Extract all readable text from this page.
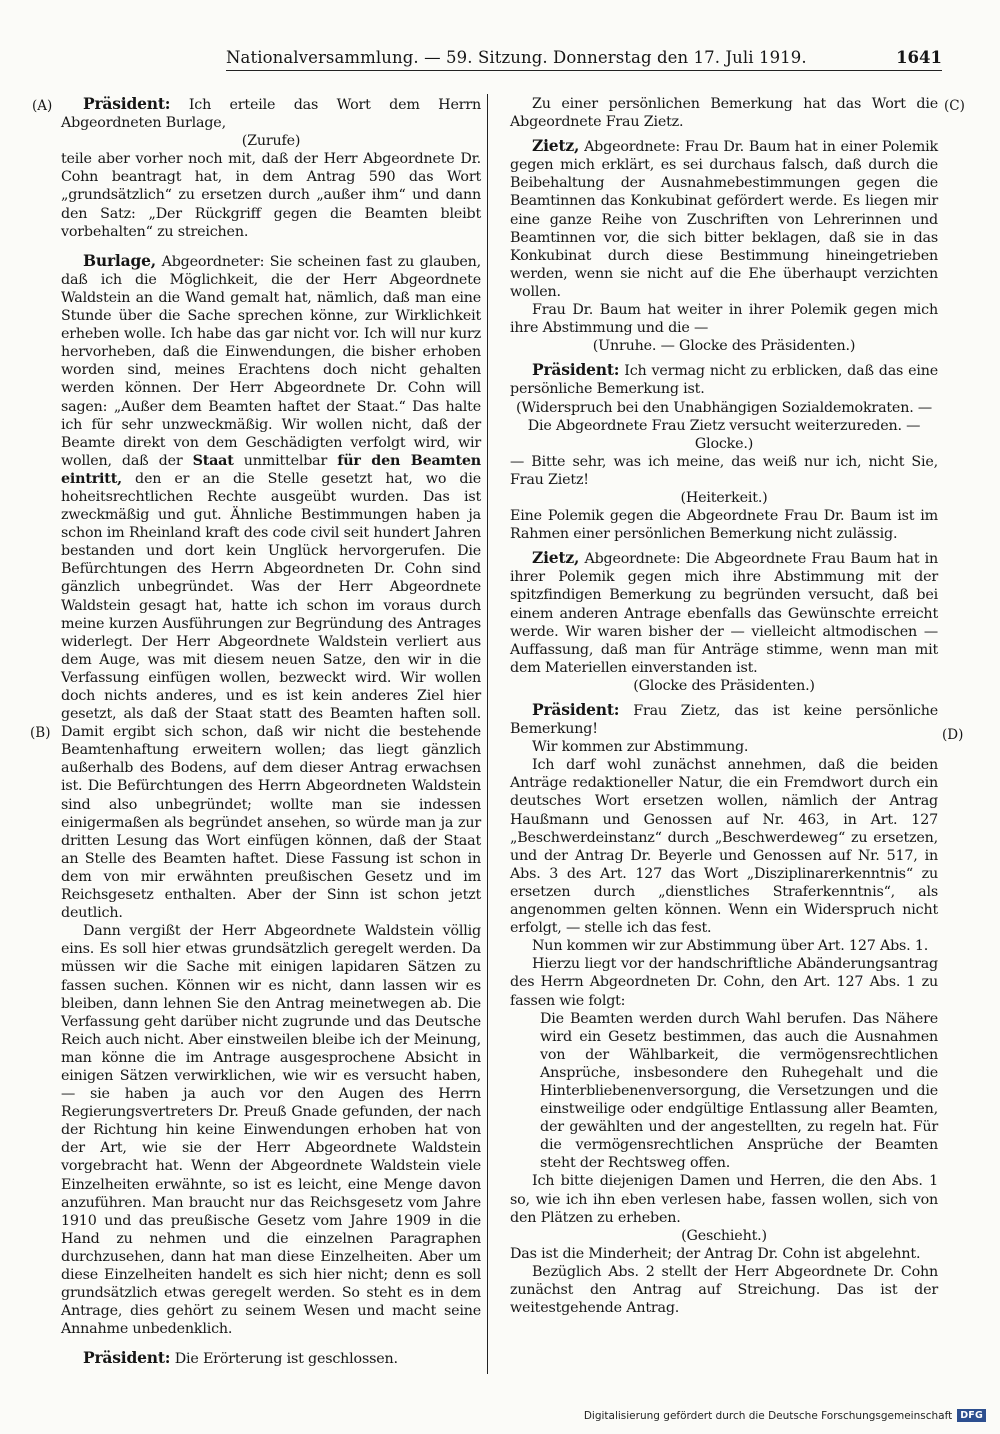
Nationalversammlung. — 59. Sitzung. Donnerstag den 17. Juli 1919.	1641
(A)
(B)
(C)
(D)

Präsident: Ich erteile das Wort dem Herrn Abgeordneten Burlage,

(Zurufe)

teile aber vorher noch mit, daß der Herr Abgeordnete Dr. Cohn beantragt hat, in dem Antrag 590 das Wort „grundsätzlich“ zu ersetzen durch „außer ihm“ und dann den Satz: „Der Rückgriff gegen die Beamten bleibt vorbehalten“ zu streichen.

Burlage, Abgeordneter: Sie scheinen fast zu glauben, daß ich die Möglichkeit, die der Herr Abgeordnete Waldstein an die Wand gemalt hat, nämlich, daß man eine Stunde über die Sache sprechen könne, zur Wirklichkeit erheben wolle. Ich habe das gar nicht vor. Ich will nur kurz hervorheben, daß die Einwendungen, die bisher erhoben worden sind, meines Erachtens doch nicht gehalten werden können. Der Herr Abgeordnete Dr. Cohn will sagen: „Außer dem Beamten haftet der Staat.“ Das halte ich für sehr unzweckmäßig. Wir wollen nicht, daß der Beamte direkt von dem Geschädigten verfolgt wird, wir wollen, daß der Staat unmittelbar für den Beamten eintritt, den er an die Stelle gesetzt hat, wo die hoheitsrechtlichen Rechte ausgeübt wurden. Das ist zweckmäßig und gut. Ähnliche Bestimmungen haben ja schon im Rheinland kraft des code civil seit hundert Jahren bestanden und dort kein Unglück hervorgerufen. Die Befürchtungen des Herrn Abgeordneten Dr. Cohn sind gänzlich unbegründet. Was der Herr Abgeordnete Waldstein gesagt hat, hatte ich schon im voraus durch meine kurzen Ausführungen zur Begründung des Antrages widerlegt. Der Herr Abgeordnete Waldstein verliert aus dem Auge, was mit diesem neuen Satze, den wir in die Verfassung einfügen wollen, bezweckt wird. Wir wollen doch nichts anderes, und es ist kein anderes Ziel hier gesetzt, als daß der Staat statt des Beamten haften soll. Damit ergibt sich schon, daß wir nicht die bestehende Beamtenhaftung erweitern wollen; das liegt gänzlich außerhalb des Bodens, auf dem dieser Antrag erwachsen ist. Die Befürchtungen des Herrn Abgeordneten Waldstein sind also unbegründet; wollte man sie indessen einigermaßen als begründet ansehen, so würde man ja zur dritten Lesung das Wort einfügen können, daß der Staat an Stelle des Beamten haftet. Diese Fassung ist schon in dem von mir erwähnten preußischen Gesetz und im Reichsgesetz enthalten. Aber der Sinn ist schon jetzt deutlich.

Dann vergißt der Herr Abgeordnete Waldstein völlig eins. Es soll hier etwas grundsätzlich geregelt werden. Da müssen wir die Sache mit einigen lapidaren Sätzen zu fassen suchen. Können wir es nicht, dann lassen wir es bleiben, dann lehnen Sie den Antrag meinetwegen ab. Die Verfassung geht darüber nicht zugrunde und das Deutsche Reich auch nicht. Aber einstweilen bleibe ich der Meinung, man könne die im Antrage ausgesprochene Absicht in einigen Sätzen verwirklichen, wie wir es versucht haben, — sie haben ja auch vor den Augen des Herrn Regierungsvertreters Dr. Preuß Gnade gefunden, der nach der Richtung hin keine Einwendungen erhoben hat von der Art, wie sie der Herr Abgeordnete Waldstein vorgebracht hat. Wenn der Abgeordnete Waldstein viele Einzelheiten erwähnte, so ist es leicht, eine Menge davon anzuführen. Man braucht nur das Reichsgesetz vom Jahre 1910 und das preußische Gesetz vom Jahre 1909 in die Hand zu nehmen und die einzelnen Paragraphen durchzusehen, dann hat man diese Einzelheiten. Aber um diese Einzelheiten handelt es sich hier nicht; denn es soll grundsätzlich etwas geregelt werden. So steht es in dem Antrage, dies gehört zu seinem Wesen und macht seine Annahme unbedenklich.

Präsident: Die Erörterung ist geschlossen.

Zu einer persönlichen Bemerkung hat das Wort die Abgeordnete Frau Zietz.

Zietz, Abgeordnete: Frau Dr. Baum hat in einer Polemik gegen mich erklärt, es sei durchaus falsch, daß durch die Beibehaltung der Ausnahmebestimmungen gegen die Beamtinnen das Konkubinat gefördert werde. Es liegen mir eine ganze Reihe von Zuschriften von Lehrerinnen und Beamtinnen vor, die sich bitter beklagen, daß sie in das Konkubinat durch diese Bestimmung hineingetrieben werden, wenn sie nicht auf die Ehe überhaupt verzichten wollen.

Frau Dr. Baum hat weiter in ihrer Polemik gegen mich ihre Abstimmung und die —

(Unruhe. — Glocke des Präsidenten.)

Präsident: Ich vermag nicht zu erblicken, daß das eine persönliche Bemerkung ist.

(Widerspruch bei den Unabhängigen Sozialdemokraten. — Die Abgeordnete Frau Zietz versucht weiterzureden. — Glocke.)

— Bitte sehr, was ich meine, das weiß nur ich, nicht Sie, Frau Zietz!

(Heiterkeit.)

Eine Polemik gegen die Abgeordnete Frau Dr. Baum ist im Rahmen einer persönlichen Bemerkung nicht zulässig.

Zietz, Abgeordnete: Die Abgeordnete Frau Baum hat in ihrer Polemik gegen mich ihre Abstimmung mit der spitzfindigen Bemerkung zu begründen versucht, daß bei einem anderen Antrage ebenfalls das Gewünschte erreicht werde. Wir waren bisher der — vielleicht altmodischen — Auffassung, daß man für Anträge stimme, wenn man mit dem Materiellen einverstanden ist.

(Glocke des Präsidenten.)

Präsident: Frau Zietz, das ist keine persönliche Bemerkung!

Wir kommen zur Abstimmung.

Ich darf wohl zunächst annehmen, daß die beiden Anträge redaktioneller Natur, die ein Fremdwort durch ein deutsches Wort ersetzen wollen, nämlich der Antrag Haußmann und Genossen auf Nr. 463, in Art. 127 „Beschwerdeinstanz“ durch „Beschwerdeweg“ zu ersetzen, und der Antrag Dr. Beyerle und Genossen auf Nr. 517, in Abs. 3 des Art. 127 das Wort „Disziplinarerkenntnis“ zu ersetzen durch „dienstliches Straferkenntnis“, als angenommen gelten können. Wenn ein Widerspruch nicht erfolgt, — stelle ich das fest.

Nun kommen wir zur Abstimmung über Art. 127 Abs. 1.

Hierzu liegt vor der handschriftliche Abänderungsantrag des Herrn Abgeordneten Dr. Cohn, den Art. 127 Abs. 1 zu fassen wie folgt:

Die Beamten werden durch Wahl berufen. Das Nähere wird ein Gesetz bestimmen, das auch die Ausnahmen von der Wählbarkeit, die vermögensrechtlichen Ansprüche, insbesondere den Ruhegehalt und die Hinterbliebenenversorgung, die Versetzungen und die einstweilige oder endgültige Entlassung aller Beamten, der gewählten und der angestellten, zu regeln hat. Für die vermögensrechtlichen Ansprüche der Beamten steht der Rechtsweg offen.

Ich bitte diejenigen Damen und Herren, die den Abs. 1 so, wie ich ihn eben verlesen habe, fassen wollen, sich von den Plätzen zu erheben.

(Geschieht.)

Das ist die Minderheit; der Antrag Dr. Cohn ist abgelehnt.

Bezüglich Abs. 2 stellt der Herr Abgeordnete Dr. Cohn zunächst den Antrag auf Streichung. Das ist der weitestgehende Antrag.

Digitalisierung gefördert durch die Deutsche Forschungsgemeinschaft DFG
